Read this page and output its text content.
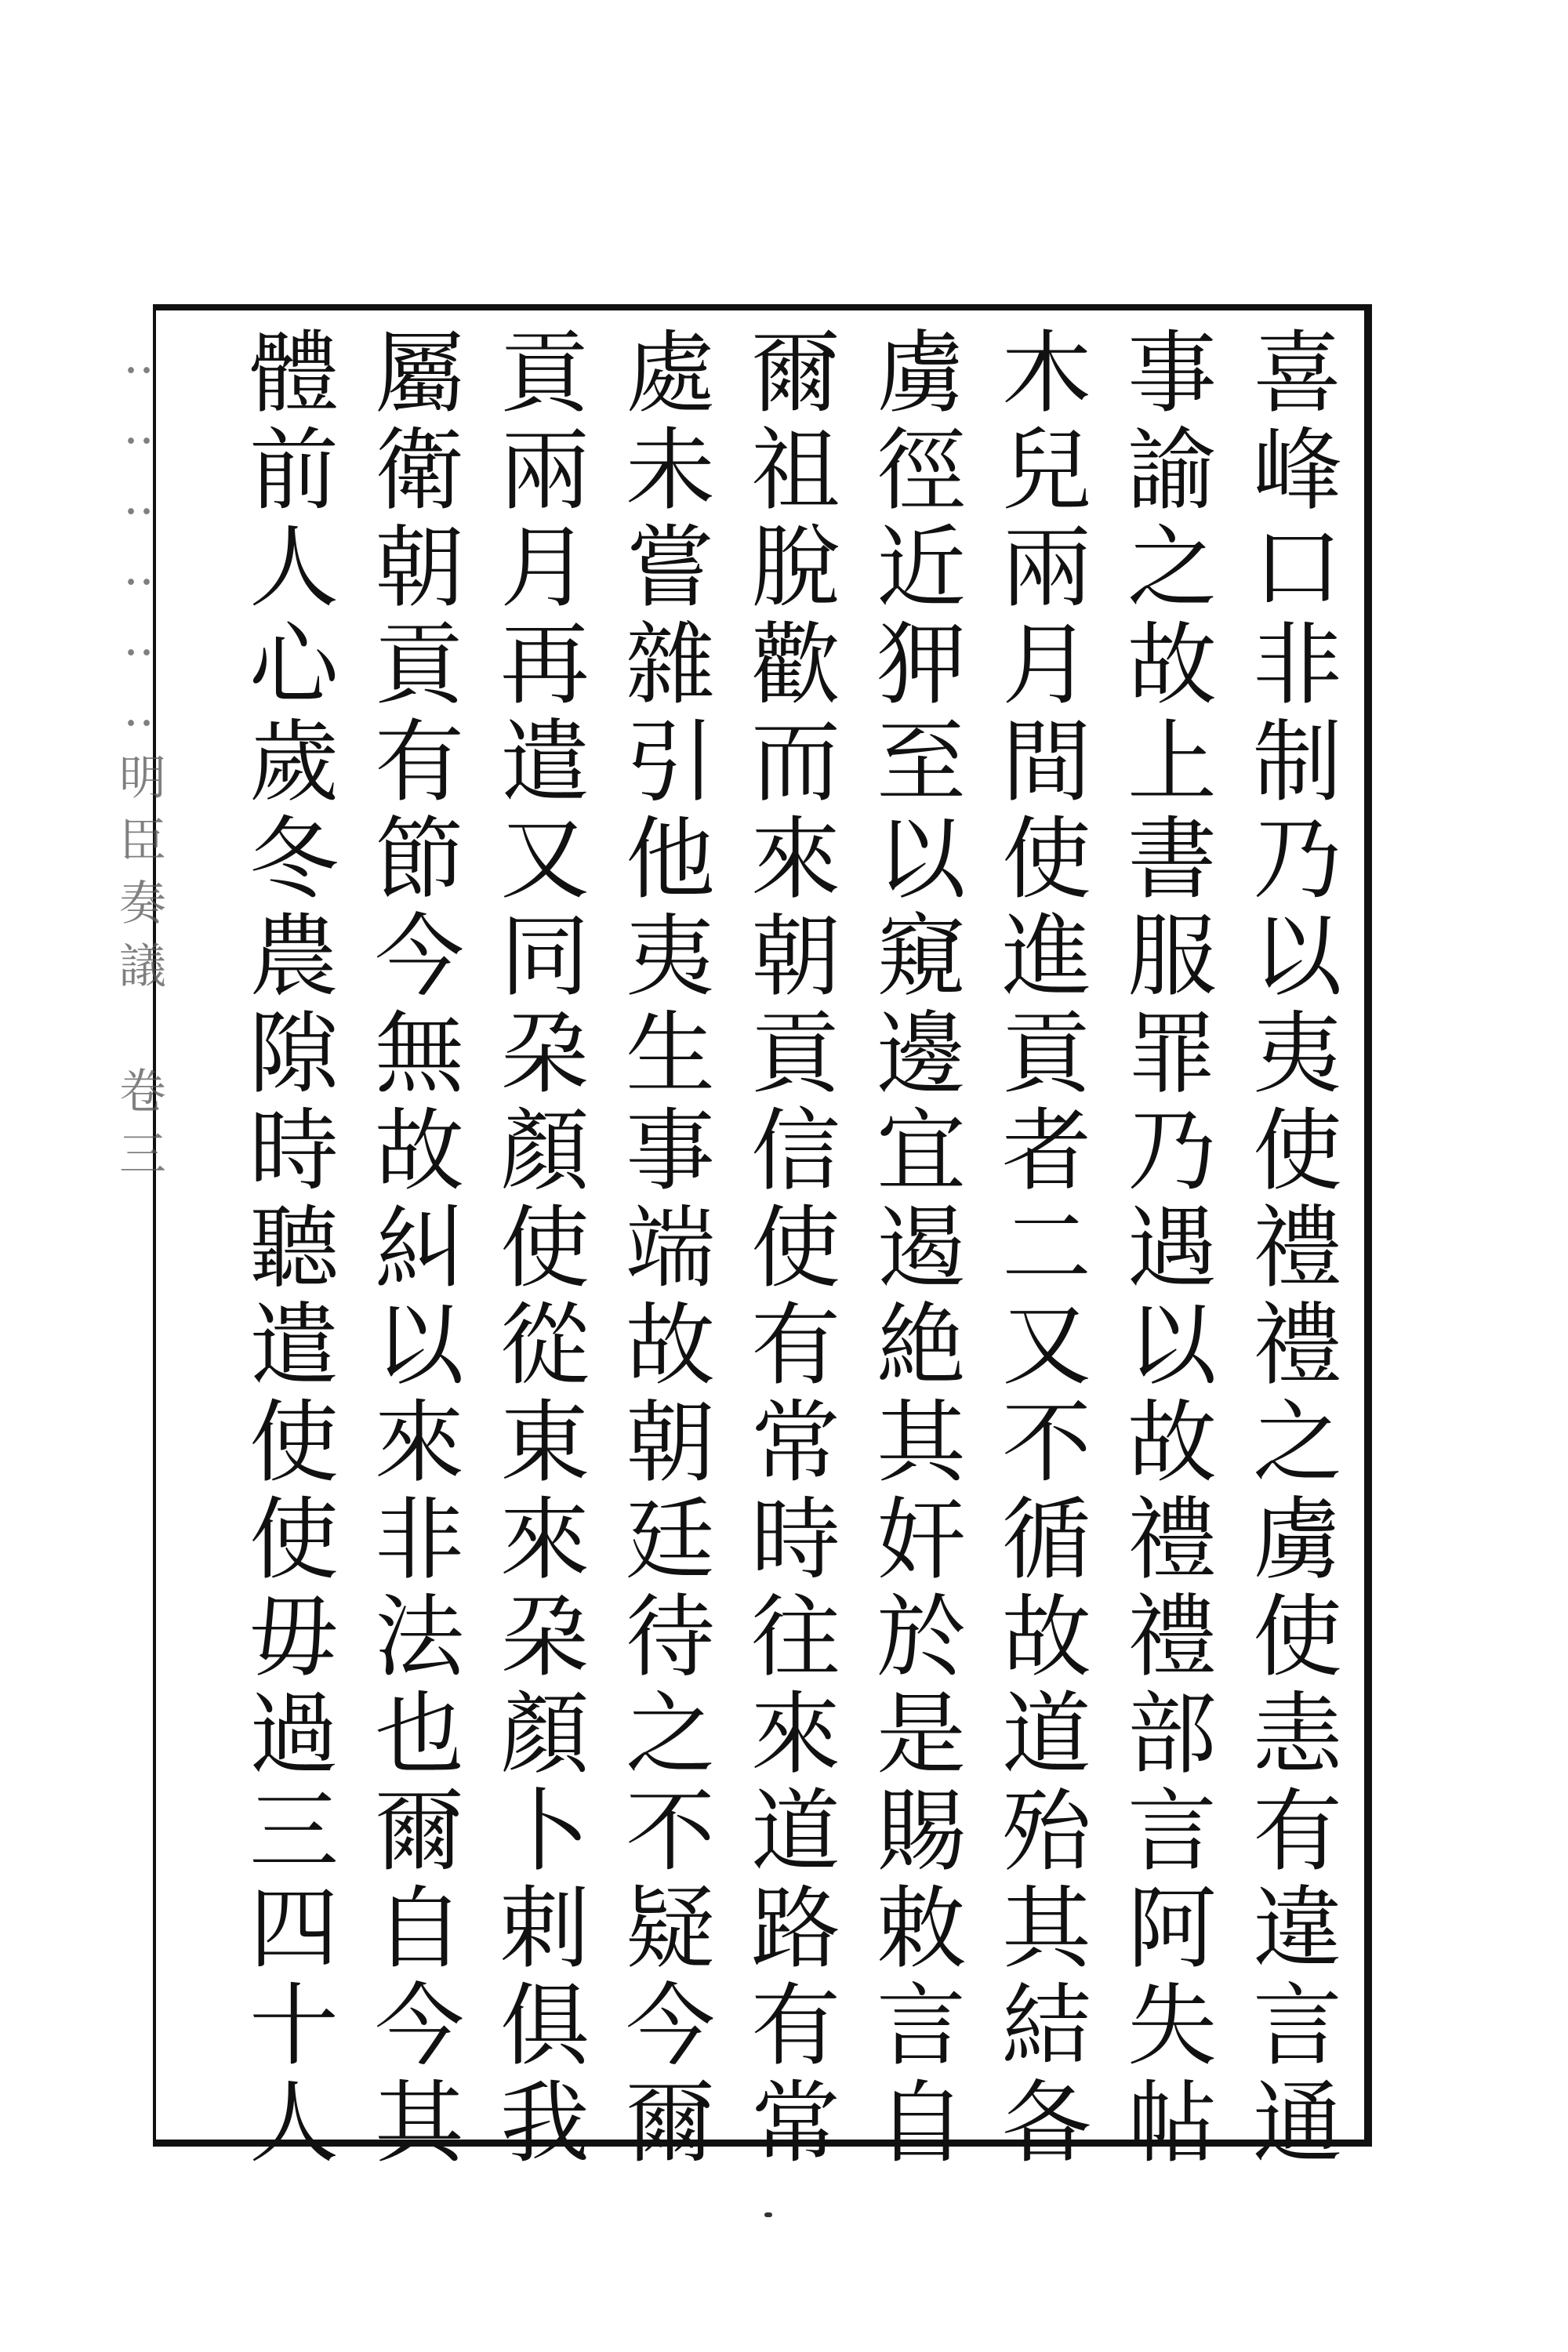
‥‥‥‥‥‥明臣奏議　卷三	喜峰口非制乃以夷使禮禮之虜使恚有違言通
事諭之故上書服罪乃遇以故禮禮部言阿失帖
木兒兩月間使進貢者二又不循故道殆其結各
虜徑近狎至以窺邊宜遏絶其奸於是賜敕言自
爾祖脫歡而來朝貢信使有常時往來道路有常
處未嘗雜引他夷生事端故朝廷待之不疑今爾
貢兩月再遣又同朶顏使從東來朶顏卜剌俱我
屬衛朝貢有節今無故糾以來非法也爾自今其
體前人心歲冬農隙時聽遣使使毋過三四十人
